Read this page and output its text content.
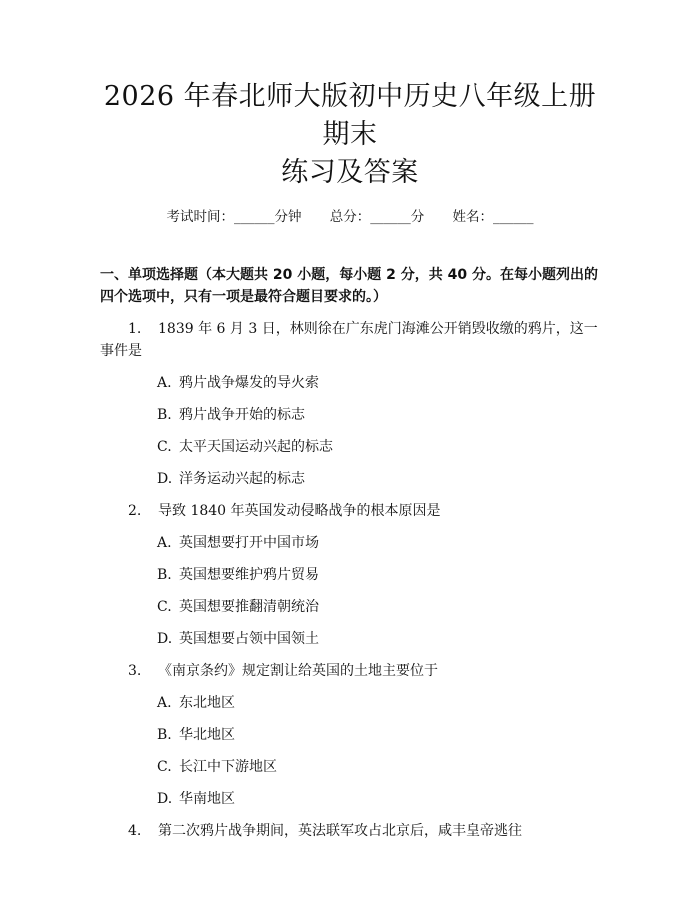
2026 年春北师大版初中历史八年级上册期末
练习及答案
考试时间：______分钟 总分：______分 姓名：______
一、单项选择题（本大题共 20 小题，每小题 2 分，共 40 分。在每小题列出的四个选项中，只有一项是最符合题目要求的。）
1. 1839 年 6 月 3 日，林则徐在广东虎门海滩公开销毁收缴的鸦片，这一事件是
A. 鸦片战争爆发的导火索
B. 鸦片战争开始的标志
C. 太平天国运动兴起的标志
D. 洋务运动兴起的标志
2. 导致 1840 年英国发动侵略战争的根本原因是
A. 英国想要打开中国市场
B. 英国想要维护鸦片贸易
C. 英国想要推翻清朝统治
D. 英国想要占领中国领土
3. 《南京条约》规定割让给英国的土地主要位于
A. 东北地区
B. 华北地区
C. 长江中下游地区
D. 华南地区
4. 第二次鸦片战争期间，英法联军攻占北京后，咸丰皇帝逃往
